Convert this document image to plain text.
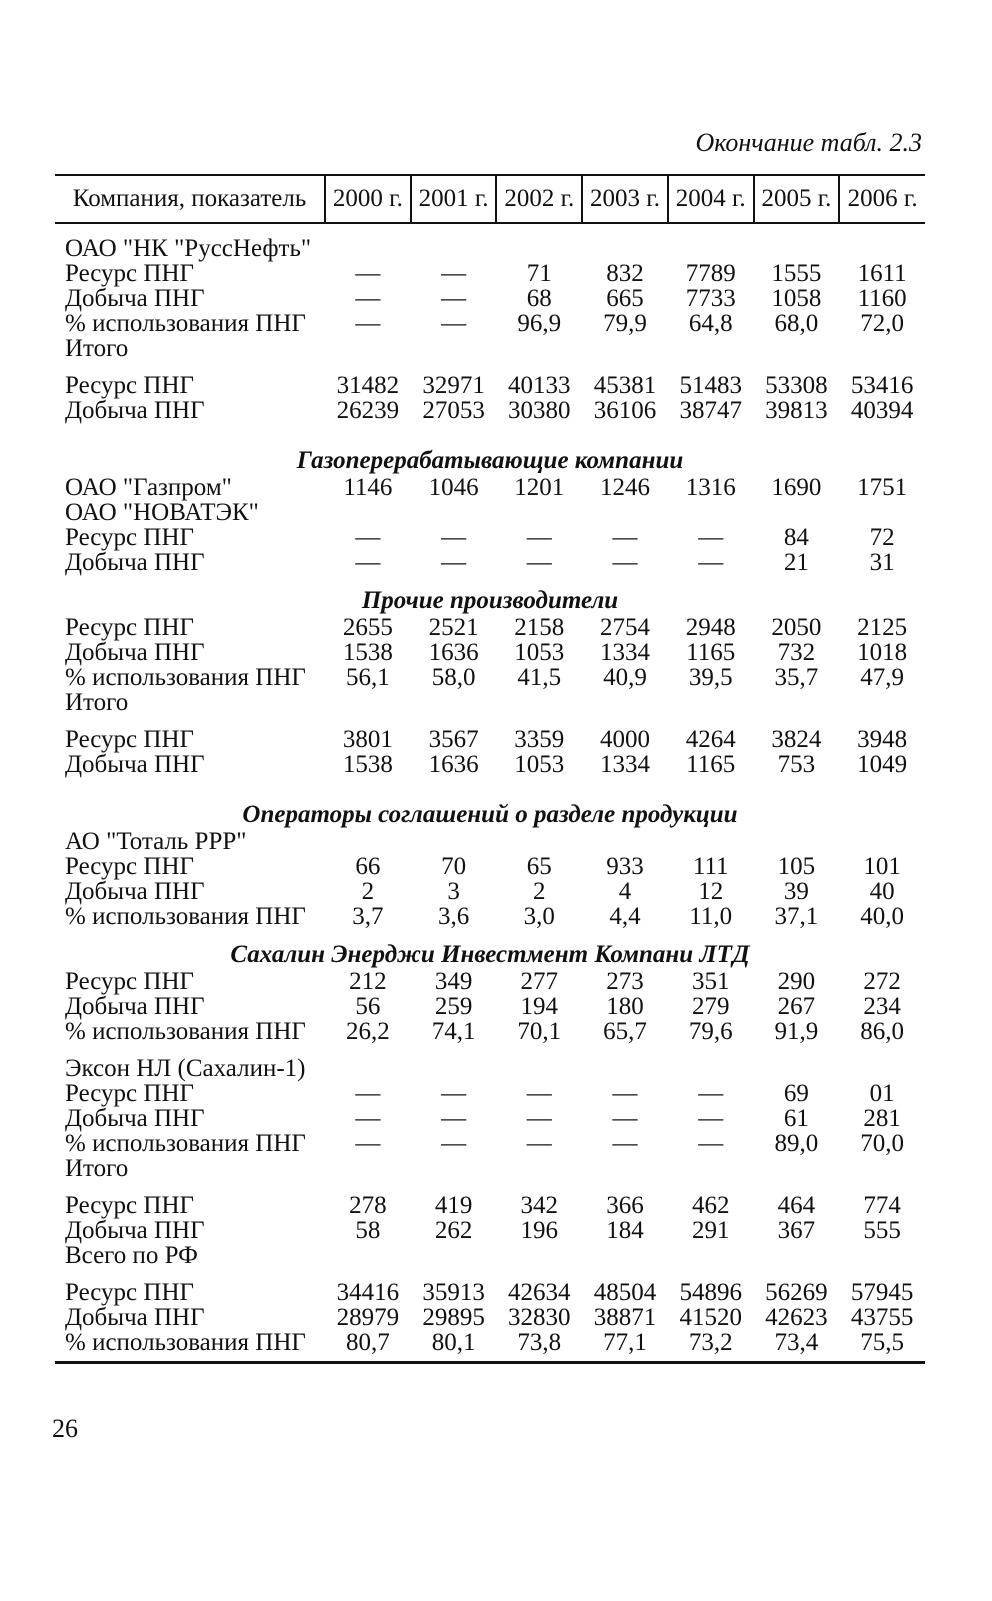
Окончание табл. 2.3
Компания, показатель	2000 г.	2001 г.	2002 г.	2003 г.	2004 г.	2005 г.	2006 г.

ОАО "НК "РуссНефть"							
Ресурс ПНГ	—	—	71	832	7789	1555	1611
Добыча ПНГ	—	—	68	665	7733	1058	1160
% использования ПНГ	—	—	96,9	79,9	64,8	68,0	72,0
Итого							

Ресурс ПНГ	31482	32971	40133	45381	51483	53308	53416
Добыча ПНГ	26239	27053	30380	36106	38747	39813	40394

Газоперерабатывающие компании							
ОАО "Газпром"	1146	1046	1201	1246	1316	1690	1751
ОАО "НОВАТЭК"							
Ресурс ПНГ	—	—	—	—	—	84	72
Добыча ПНГ	—	—	—	—	—	21	31

Прочие производители							
Ресурс ПНГ	2655	2521	2158	2754	2948	2050	2125
Добыча ПНГ	1538	1636	1053	1334	1165	732	1018
% использования ПНГ	56,1	58,0	41,5	40,9	39,5	35,7	47,9
Итого							

Ресурс ПНГ	3801	3567	3359	4000	4264	3824	3948
Добыча ПНГ	1538	1636	1053	1334	1165	753	1049

Операторы соглашений о разделе продукции							
АО "Тоталь РРР"							
Ресурс ПНГ	66	70	65	933	111	105	101
Добыча ПНГ	2	3	2	4	12	39	40
% использования ПНГ	3,7	3,6	3,0	4,4	11,0	37,1	40,0

Сахалин Энерджи Инвестмент Компани ЛТД							
Ресурс ПНГ	212	349	277	273	351	290	272
Добыча ПНГ	56	259	194	180	279	267	234
% использования ПНГ	26,2	74,1	70,1	65,7	79,6	91,9	86,0

Эксон НЛ (Сахалин-1)							
Ресурс ПНГ	—	—	—	—	—	69	01
Добыча ПНГ	—	—	—	—	—	61	281
% использования ПНГ	—	—	—	—	—	89,0	70,0
Итого							

Ресурс ПНГ	278	419	342	366	462	464	774
Добыча ПНГ	58	262	196	184	291	367	555
Всего по РФ							

Ресурс ПНГ	34416	35913	42634	48504	54896	56269	57945
Добыча ПНГ	28979	29895	32830	38871	41520	42623	43755
% использования ПНГ	80,7	80,1	73,8	77,1	73,2	73,4	75,5
26
